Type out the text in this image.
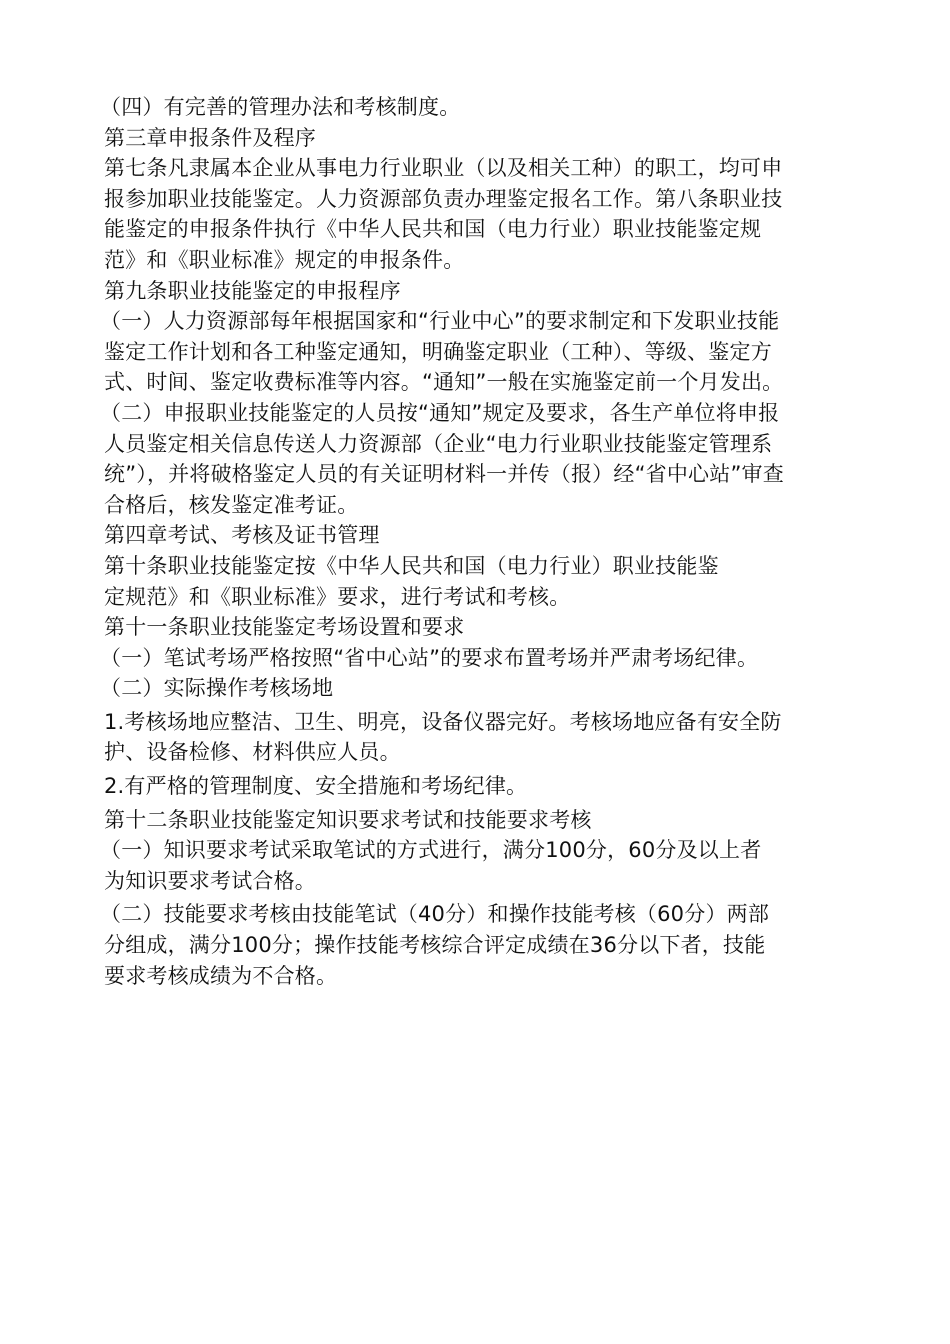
（四）有完善的管理办法和考核制度。

第三章申报条件及程序

第七条凡隶属本企业从事电力行业职业（以及相关工种）的职工，均可申

报参加职业技能鉴定。人力资源部负责办理鉴定报名工作。第八条职业技

能鉴定的申报条件执行《中华人民共和国（电力行业）职业技能鉴定规

范》和《职业标准》规定的申报条件。

第九条职业技能鉴定的申报程序

（一）人力资源部每年根据国家和“行业中心”的要求制定和下发职业技能

鉴定工作计划和各工种鉴定通知，明确鉴定职业（工种）、等级、鉴定方

式、时间、鉴定收费标准等内容。“通知”一般在实施鉴定前一个月发出。

（二）申报职业技能鉴定的人员按“通知”规定及要求，各生产单位将申报

人员鉴定相关信息传送人力资源部（企业“电力行业职业技能鉴定管理系

统”），并将破格鉴定人员的有关证明材料一并传（报）经“省中心站”审查

合格后，核发鉴定准考证。

第四章考试、考核及证书管理

第十条职业技能鉴定按《中华人民共和国（电力行业）职业技能鉴

定规范》和《职业标准》要求，进行考试和考核。

第十一条职业技能鉴定考场设置和要求

（一）笔试考场严格按照“省中心站”的要求布置考场并严肃考场纪律。

（二）实际操作考核场地

1.考核场地应整洁、卫生、明亮，设备仪器完好。考核场地应备有安全防

护、设备检修、材料供应人员。

2.有严格的管理制度、安全措施和考场纪律。

第十二条职业技能鉴定知识要求考试和技能要求考核

（一）知识要求考试采取笔试的方式进行，满分100分，60分及以上者

为知识要求考试合格。

（二）技能要求考核由技能笔试（40分）和操作技能考核（60分）两部

分组成，满分100分；操作技能考核综合评定成绩在36分以下者，技能

要求考核成绩为不合格。
